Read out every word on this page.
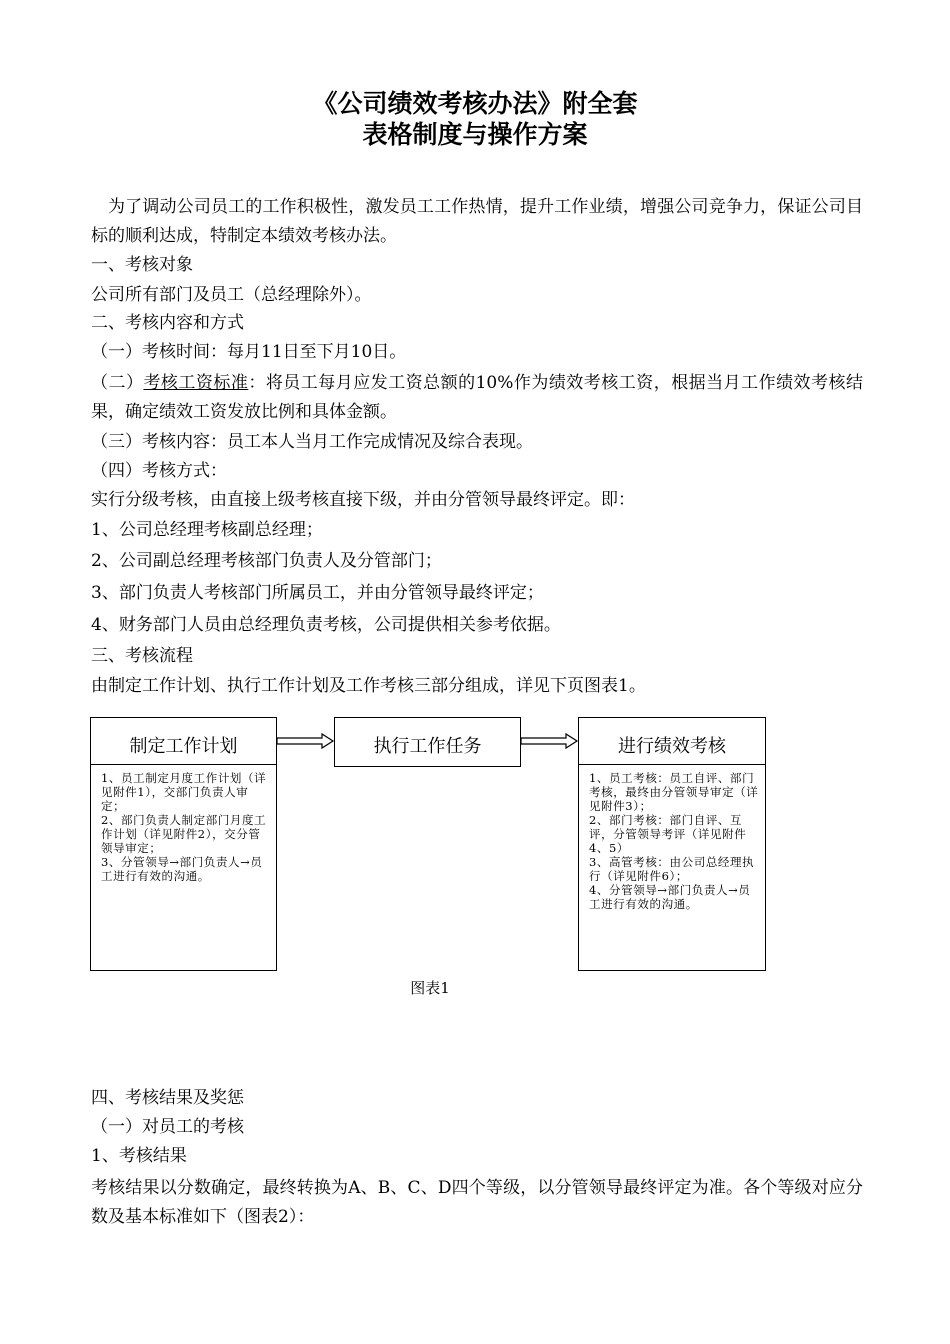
《公司绩效考核办法》附全套
表格制度与操作方案
为了调动公司员工的工作积极性，激发员工工作热情，提升工作业绩，增强公司竞争力，保证公司目标的顺利达成，特制定本绩效考核办法。
一、考核对象
公司所有部门及员工（总经理除外）。
二、考核内容和方式
（一）考核时间：每月11日至下月10日。
（二）考核工资标准：将员工每月应发工资总额的10%作为绩效考核工资，根据当月工作绩效考核结果，确定绩效工资发放比例和具体金额。
（三）考核内容：员工本人当月工作完成情况及综合表现。
（四）考核方式：
实行分级考核，由直接上级考核直接下级，并由分管领导最终评定。即：
1、公司总经理考核副总经理；
2、公司副总经理考核部门负责人及分管部门；
3、部门负责人考核部门所属员工，并由分管领导最终评定；
4、财务部门人员由总经理负责考核，公司提供相关参考依据。
三、考核流程
由制定工作计划、执行工作计划及工作考核三部分组成，详见下页图表1。
制定工作计划
1、员工制定月度工作计划（详见附件1），交部门负责人审定；
2、部门负责人制定部门月度工作计划（详见附件2），交分管领导审定；
3、分管领导→部门负责人→员工进行有效的沟通。
执行工作任务	进行绩效考核
1、员工考核：员工自评、部门考核，最终由分管领导审定（详见附件3）；
2、部门考核：部门自评、互评，分管领导考评（详见附件4、5）
3、高管考核：由公司总经理执行（详见附件6）；
4、分管领导→部门负责人→员工进行有效的沟通。
图表1
四、考核结果及奖惩
（一）对员工的考核
1、考核结果
考核结果以分数确定，最终转换为A、B、C、D四个等级，以分管领导最终评定为准。各个等级对应分数及基本标准如下（图表2）：
